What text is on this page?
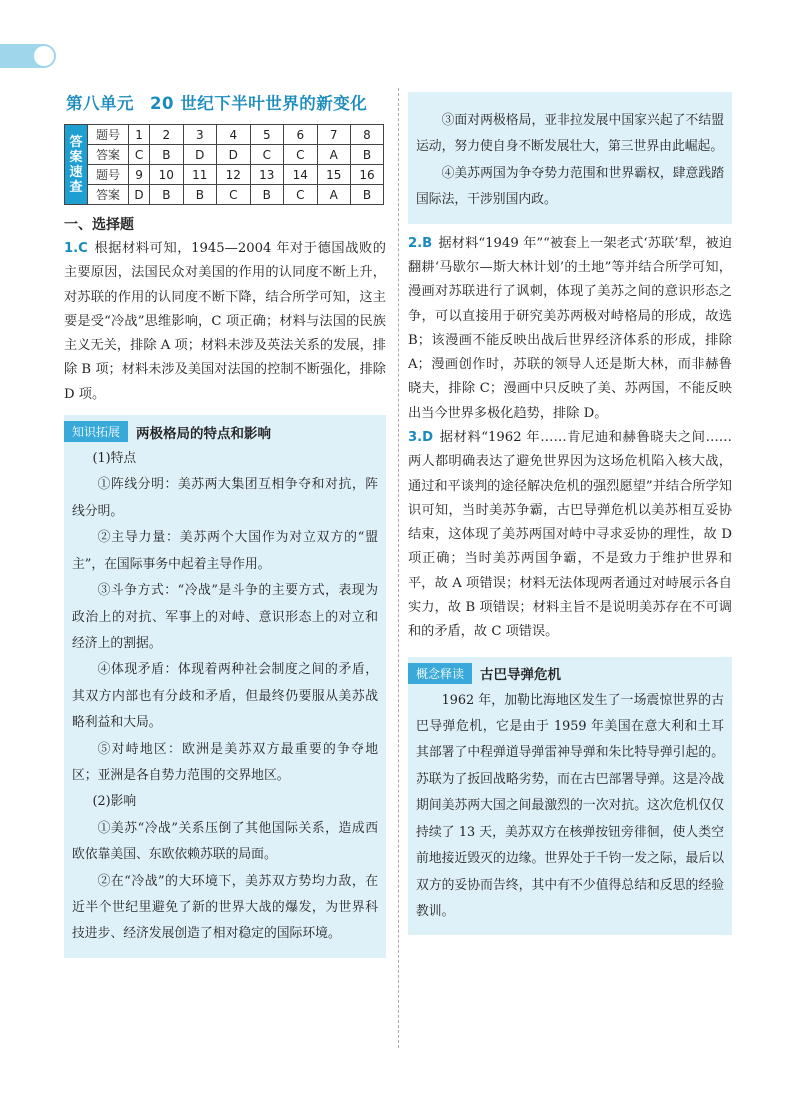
第八单元 20 世纪下半叶世界的新变化
答
案
速
查
题号	1	2	3	4	5	6	7	8
答案	C	B	D	D	C	C	A	B
题号	9	10	11	12	13	14	15	16
答案	D	B	B	C	B	C	A	B
一、选择题

1.C 根据材料可知，1945—2004 年对于德国战败的主要原因，法国民众对美国的作用的认同度不断上升，对苏联的作用的认同度不断下降，结合所学可知，这主要是受“冷战”思维影响，C 项正确；材料与法国的民族主义无关，排除 A 项；材料未涉及英法关系的发展，排除 B 项；材料未涉及美国对法国的控制不断强化，排除 D 项。

知识拓展	两极格局的特点和影响

(1)特点

①阵线分明：美苏两大集团互相争夺和对抗，阵线分明。

②主导力量：美苏两个大国作为对立双方的“盟主”，在国际事务中起着主导作用。

③斗争方式：“冷战”是斗争的主要方式，表现为政治上的对抗、军事上的对峙、意识形态上的对立和经济上的割据。

④体现矛盾：体现着两种社会制度之间的矛盾，其双方内部也有分歧和矛盾，但最终仍要服从美苏战略利益和大局。

⑤对峙地区：欧洲是美苏双方最重要的争夺地区；亚洲是各自势力范围的交界地区。

(2)影响

①美苏“冷战”关系压倒了其他国际关系，造成西欧依靠美国、东欧依赖苏联的局面。

②在“冷战”的大环境下，美苏双方势均力敌，在近半个世纪里避免了新的世界大战的爆发，为世界科技进步、经济发展创造了相对稳定的国际环境。

③面对两极格局，亚非拉发展中国家兴起了不结盟运动，努力使自身不断发展壮大，第三世界由此崛起。

④美苏两国为争夺势力范围和世界霸权，肆意践踏国际法，干涉别国内政。

2.B 据材料“1949 年”“被套上一架老式‘苏联’犁，被迫翻耕‘马歇尔—斯大林计划’的土地”等并结合所学可知，漫画对苏联进行了讽刺，体现了美苏之间的意识形态之争，可以直接用于研究美苏两极对峙格局的形成，故选 B；该漫画不能反映出战后世界经济体系的形成，排除 A；漫画创作时，苏联的领导人还是斯大林，而非赫鲁晓夫，排除 C；漫画中只反映了美、苏两国，不能反映出当今世界多极化趋势，排除 D。

3.D 据材料“1962 年……肯尼迪和赫鲁晓夫之间……两人都明确表达了避免世界因为这场危机陷入核大战，通过和平谈判的途径解决危机的强烈愿望”并结合所学知识可知，当时美苏争霸，古巴导弹危机以美苏相互妥协结束，这体现了美苏两国对峙中寻求妥协的理性，故 D 项正确；当时美苏两国争霸，不是致力于维护世界和平，故 A 项错误；材料无法体现两者通过对峙展示各自实力，故 B 项错误；材料主旨不是说明美苏存在不可调和的矛盾，故 C 项错误。

概念释读	古巴导弹危机

1962 年，加勒比海地区发生了一场震惊世界的古巴导弹危机，它是由于 1959 年美国在意大利和土耳其部署了中程弹道导弹雷神导弹和朱比特导弹引起的。苏联为了扳回战略劣势，而在古巴部署导弹。这是冷战期间美苏两大国之间最激烈的一次对抗。这次危机仅仅持续了 13 天，美苏双方在核弹按钮旁徘徊，使人类空前地接近毁灭的边缘。世界处于千钧一发之际，最后以双方的妥协而告终，其中有不少值得总结和反思的经验教训。
